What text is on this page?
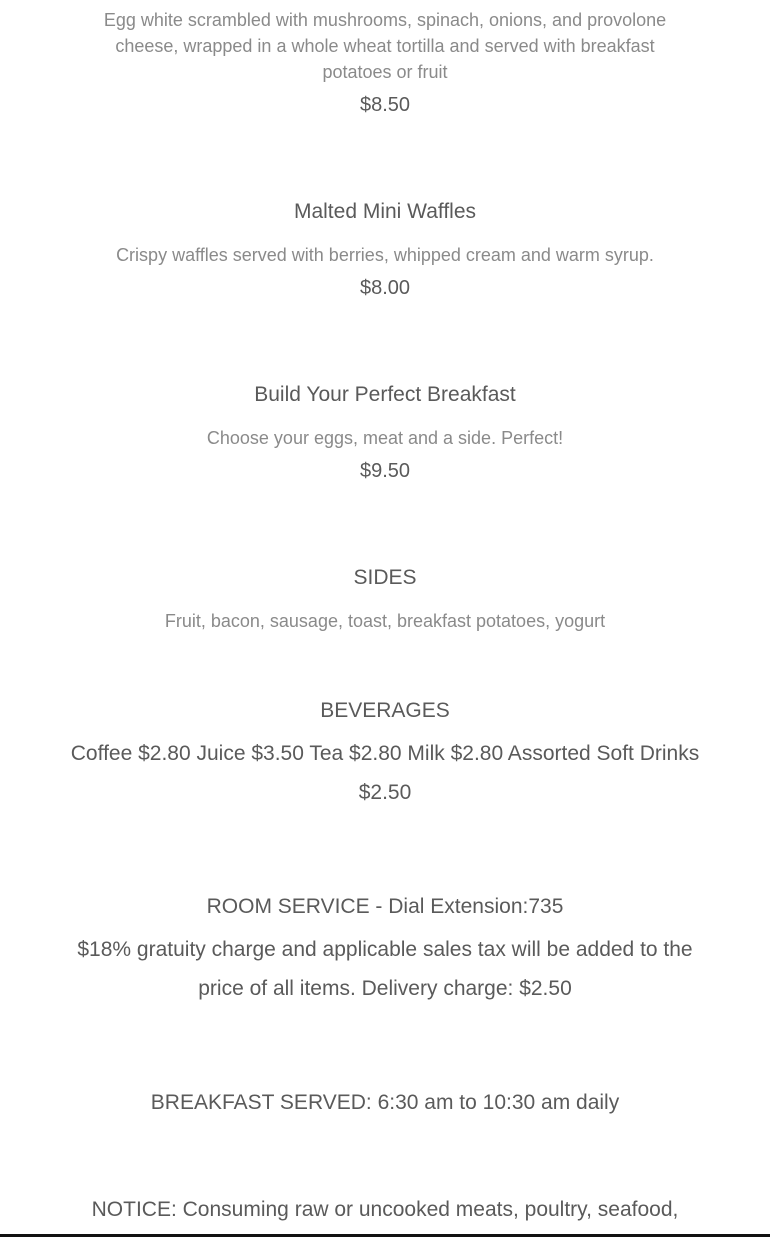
Egg white scrambled with mushrooms, spinach, onions, and provolone cheese, wrapped in a whole wheat tortilla and served with breakfast potatoes or fruit

$8.50

Malted Mini Waffles

Crispy waffles served with berries, whipped cream and warm syrup.

$8.00

Build Your Perfect Breakfast

Choose your eggs, meat and a side. Perfect!

$9.50

SIDES

Fruit, bacon, sausage, toast, breakfast potatoes, yogurt

BEVERAGES

Coffee $2.80 Juice $3.50 Tea $2.80 Milk $2.80 Assorted Soft Drinks $2.50

ROOM SERVICE - Dial Extension:735

$18% gratuity charge and applicable sales tax will be added to the price of all items. Delivery charge: $2.50

BREAKFAST SERVED: 6:30 am to 10:30 am daily

NOTICE: Consuming raw or uncooked meats, poultry, seafood,
